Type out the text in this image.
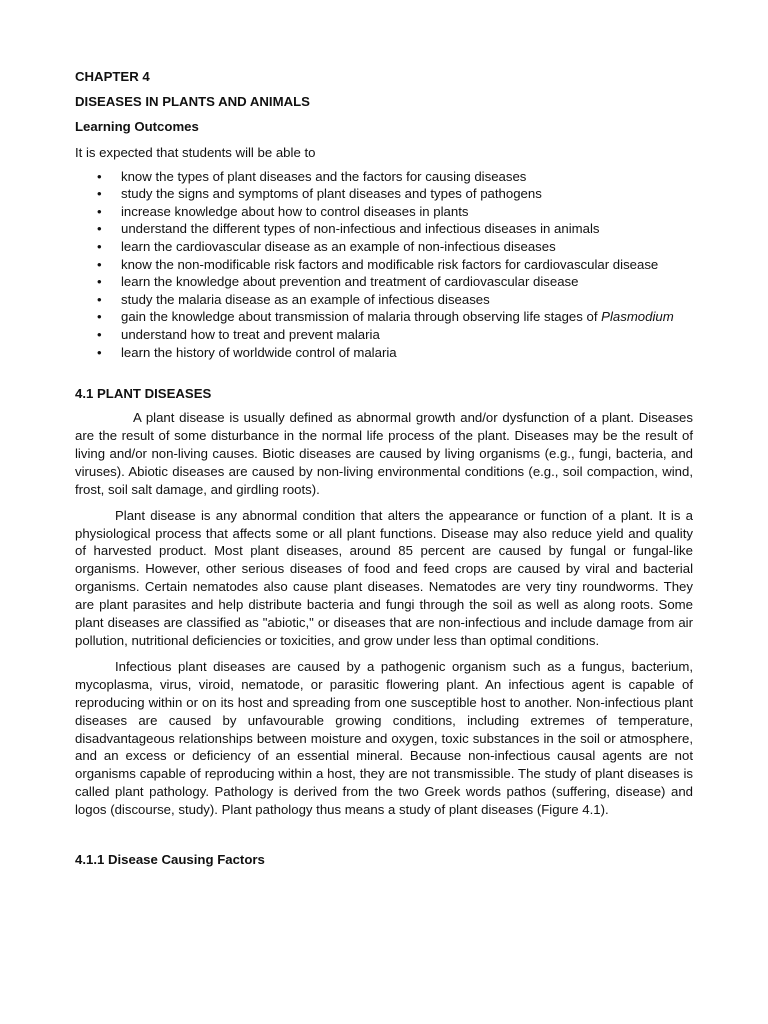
CHAPTER 4
DISEASES IN PLANTS AND ANIMALS
Learning Outcomes

It is expected that students will be able to

• know the types of plant diseases and the factors for causing diseases
• study the signs and symptoms of plant diseases and types of pathogens
• increase knowledge about how to control diseases in plants
• understand the different types of non-infectious and infectious diseases in animals
• learn the cardiovascular disease as an example of non-infectious diseases
• know the non-modificable risk factors and modificable risk factors for cardiovascular disease
• learn the knowledge about prevention and treatment of cardiovascular disease
• study the malaria disease as an example of infectious diseases
• gain the knowledge about transmission of malaria through observing life stages of Plasmodium
• understand how to treat and prevent malaria
• learn the history of worldwide control of malaria
4.1 PLANT DISEASES

A plant disease is usually defined as abnormal growth and/or dysfunction of a plant. Diseases are the result of some disturbance in the normal life process of the plant. Diseases may be the result of living and/or non-living causes. Biotic diseases are caused by living organisms (e.g., fungi, bacteria, and viruses). Abiotic diseases are caused by non-living environmental conditions (e.g., soil compaction, wind, frost, soil salt damage, and girdling roots).

Plant disease is any abnormal condition that alters the appearance or function of a plant. It is a physiological process that affects some or all plant functions. Disease may also reduce yield and quality of harvested product. Most plant diseases, around 85 percent are caused by fungal or fungal-like organisms. However, other serious diseases of food and feed crops are caused by viral and bacterial organisms. Certain nematodes also cause plant diseases. Nematodes are very tiny roundworms. They are plant parasites and help distribute bacteria and fungi through the soil as well as along roots. Some plant diseases are classified as "abiotic," or diseases that are non-infectious and include damage from air pollution, nutritional deficiencies or toxicities, and grow under less than optimal conditions.

Infectious plant diseases are caused by a pathogenic organism such as a fungus, bacterium, mycoplasma, virus, viroid, nematode, or parasitic flowering plant. An infectious agent is capable of reproducing within or on its host and spreading from one susceptible host to another. Non-infectious plant diseases are caused by unfavourable growing conditions, including extremes of temperature, disadvantageous relationships between moisture and oxygen, toxic substances in the soil or atmosphere, and an excess or deficiency of an essential mineral. Because non-infectious causal agents are not organisms capable of reproducing within a host, they are not transmissible. The study of plant diseases is called plant pathology. Pathology is derived from the two Greek words pathos (suffering, disease) and logos (discourse, study). Plant pathology thus means a study of plant diseases (Figure 4.1).

4.1.1 Disease Causing Factors
